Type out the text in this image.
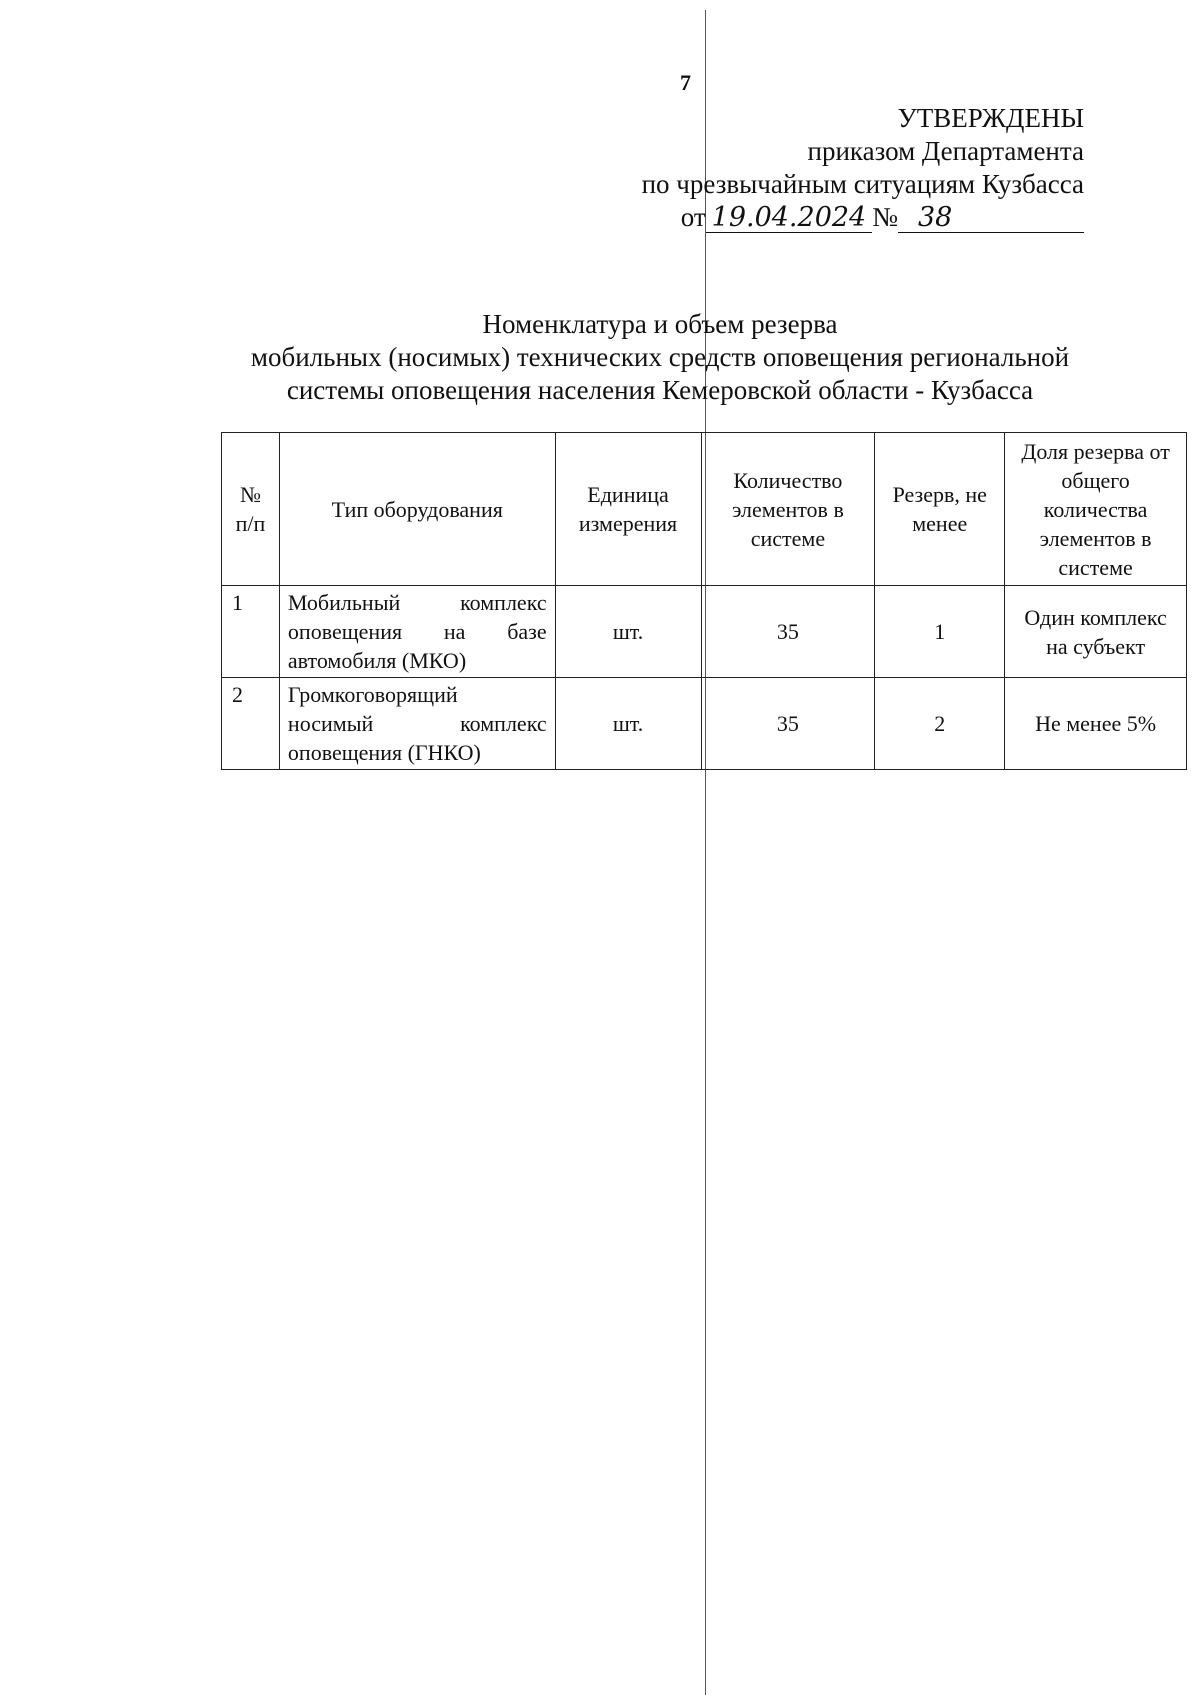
7
УТВЕРЖДЕНЫ
приказом Департамента
по чрезвычайным ситуациям Кузбасса
от 19.04.2024 № 38
Номенклатура и объем резерва
мобильных (носимых) технических средств оповещения региональной
системы оповещения населения Кемеровской области - Кузбасса
№ п/п	Тип оборудования	Единица измерения	Количество элементов в системе	Резерв, не менее	Доля резерва от общего количества элементов в системе
1	Мобильный комплекс оповещения на базе автомобиля (МКО)	шт.	35	1	Один комплекс на субъект
2	Громкоговорящий носимый комплекс оповещения (ГНКО)	шт.	35	2	Не менее 5%
